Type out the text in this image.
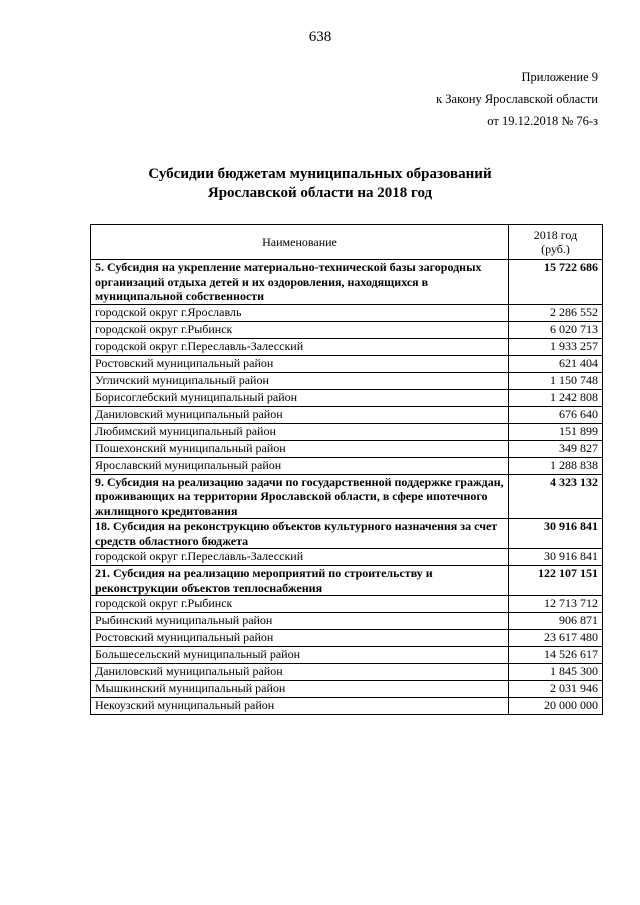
638
Приложение 9
к Закону Ярославской области
от 19.12.2018 № 76-з
Субсидии бюджетам муниципальных образований
Ярославской области на 2018 год
Наименование	2018 год
(руб.)

5. Субсидия на укрепление материально-технической базы загородных организаций отдыха детей и их оздоровления, находящихся в муниципальной собственности	15 722 686
городской округ г.Ярославль	2 286 552
городской округ г.Рыбинск	6 020 713
городской округ г.Переславль-Залесский	1 933 257
Ростовский муниципальный район	621 404
Угличский муниципальный район	1 150 748
Борисоглебский муниципальный район	1 242 808
Даниловский муниципальный район	676 640
Любимский муниципальный район	151 899
Пошехонский муниципальный район	349 827
Ярославский муниципальный район	1 288 838
9. Субсидия на реализацию задачи по государственной поддержке граждан, проживающих на территории Ярославской области, в сфере ипотечного жилищного кредитования	4 323 132
18. Субсидия на реконструкцию объектов культурного назначения за счет средств областного бюджета	30 916 841
городской округ г.Переславль-Залесский	30 916 841
21. Субсидия на реализацию мероприятий по строительству и реконструкции объектов теплоснабжения	122 107 151
городской округ г.Рыбинск	12 713 712
Рыбинский муниципальный район	906 871
Ростовский муниципальный район	23 617 480
Большесельский муниципальный район	14 526 617
Даниловский муниципальный район	1 845 300
Мышкинский муниципальный район	2 031 946
Некоузский муниципальный район	20 000 000
